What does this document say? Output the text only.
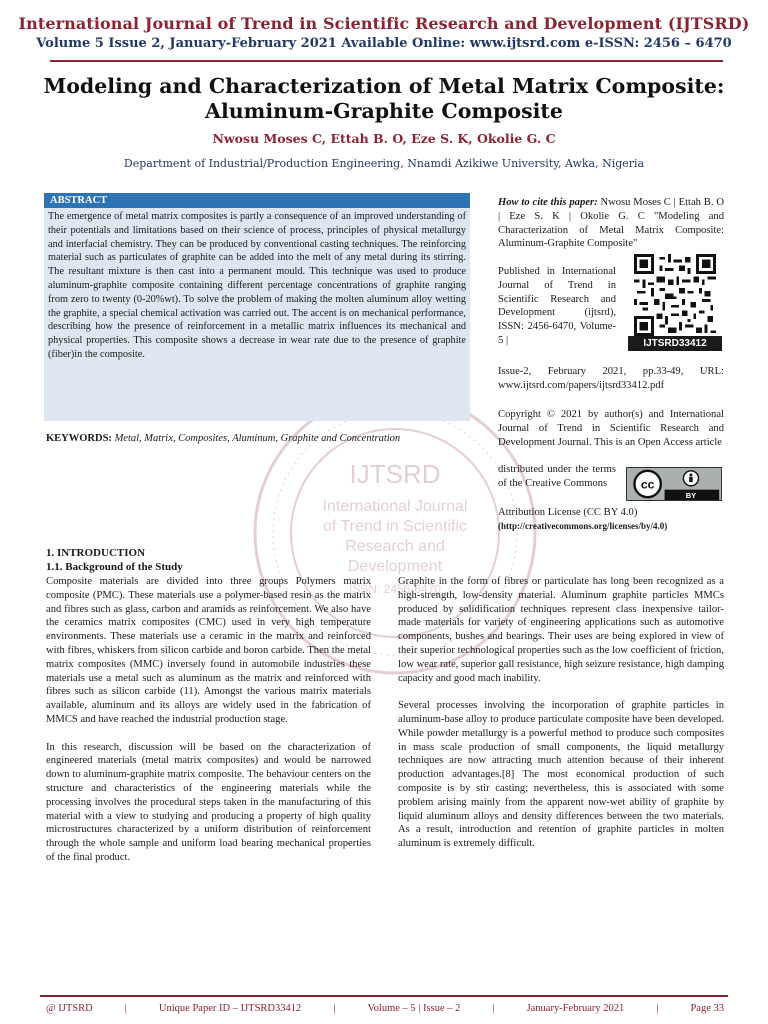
International Journal of Trend in Scientific Research and Development (IJTSRD)
Volume 5 Issue 2, January-February 2021 Available Online: www.ijtsrd.com e-ISSN: 2456 – 6470
Modeling and Characterization of Metal Matrix Composite: Aluminum-Graphite Composite
Nwosu Moses C, Ettah B. O, Eze S. K, Okolie G. C
Department of Industrial/Production Engineering, Nnamdi Azikiwe University, Awka, Nigeria
IJTSRD
International Journal
of Trend in Scientific
Research and
Development
ISSN: 2456-6470
ABSTRACT
The emergence of metal matrix composites is partly a consequence of an improved understanding of their potentials and limitations based on their science of process, principles of physical metallurgy and interfacial chemistry. They can be produced by conventional casting techniques. The reinforcing material such as particulates of graphite can be added into the melt of any metal during its stirring. The resultant mixture is then cast into a permanent mould. This technique was used to produce aluminum-graphite composite containing different percentage concentrations of graphite ranging from zero to twenty (0-20%wt). To solve the problem of making the molten aluminum alloy wetting the graphite, a special chemical activation was carried out. The accent is on mechanical performance, describing how the presence of reinforcement in a metallic matrix influences its mechanical and physical properties. This composite shows a decrease in wear rate due to the presence of graphite (fiber)in the composite.
KEYWORDS: Metal, Matrix, Composites, Aluminum, Graphite and Concentration
How to cite this paper: Nwosu Moses C | Ettah B. O | Eze S. K | Okolie G. C "Modeling and Characterization of Metal Matrix Composite: Aluminum-Graphite Composite"
Published in International Journal of Trend in Scientific Research and Development (ijtsrd), ISSN: 2456-6470, Volume-5 |	IJTSRD33412
Issue-2, February 2021, pp.33-49, URL: www.ijtsrd.com/papers/ijtsrd33412.pdf
Copyright © 2021 by author(s) and International Journal of Trend in Scientific Research and Development Journal. This is an Open Access article
distributed under the terms of the Creative Commons	cc
BY
Attribution License (CC BY 4.0)
(http://creativecommons.org/licenses/by/4.0)
1. INTRODUCTION
1.1. Background of the Study

Composite materials are divided into three groups Polymers matrix composite (PMC). These materials use a polymer-based resin as the matrix and fibres such as glass, carbon and aramids as reinforcement. We also have the ceramics matrix composites (CMC) used in very high temperature environments. These materials use a ceramic in the matrix and reinforced with fibres, whiskers from silicon carbide and boron carbide. Then the metal matrix composites (MMC) inversely found in automobile industries these materials use a metal such as aluminum as the matrix and reinforced with fibres such as silicon carbide (11). Amongst the various matrix materials available, aluminum and its alloys are widely used in the fabrication of MMCS and have reached the industrial production stage.

In this research, discussion will be based on the characterization of engineered materials (metal matrix composites) and would be narrowed down to aluminum-graphite matrix composite. The behaviour centers on the structure and characteristics of the engineering materials while the processing involves the procedural steps taken in the manufacturing of this material with a view to studying and producing a property of high quality microstructures characterized by a uniform distribution of reinforcement through the whole sample and uniform load bearing mechanical properties of the final product.

Graphite in the form of fibres or particulate has long been recognized as a high-strength, low-density material. Aluminum graphite particles MMCs produced by solidification techniques represent class inexpensive tailor-made materials for variety of engineering applications such as automotive components, bushes and bearings. Their uses are being explored in view of their superior technological properties such as the low coefficient of friction, low wear rate, superior gall resistance, high seizure resistance, high damping capacity and good mach inability.

Several processes involving the incorporation of graphite particles in aluminum-base alloy to produce particulate composite have been developed. While powder metallurgy is a powerful method to produce such composites in mass scale production of small components, the liquid metallurgy techniques are now attracting much attention because of their inherent production advantages.[8] The most economical production of such composite is by stir casting; nevertheless, this is associated with some problem arising mainly from the apparent now-wet ability of graphite by liquid aluminum alloys and density differences between the two materials. As a result, introduction and retention of graphite particles in molten aluminum is extremely difficult.

@ IJTSRD	|	Unique Paper ID – IJTSRD33412	|	Volume – 5 | Issue – 2	|	January-February 2021	|	Page 33
